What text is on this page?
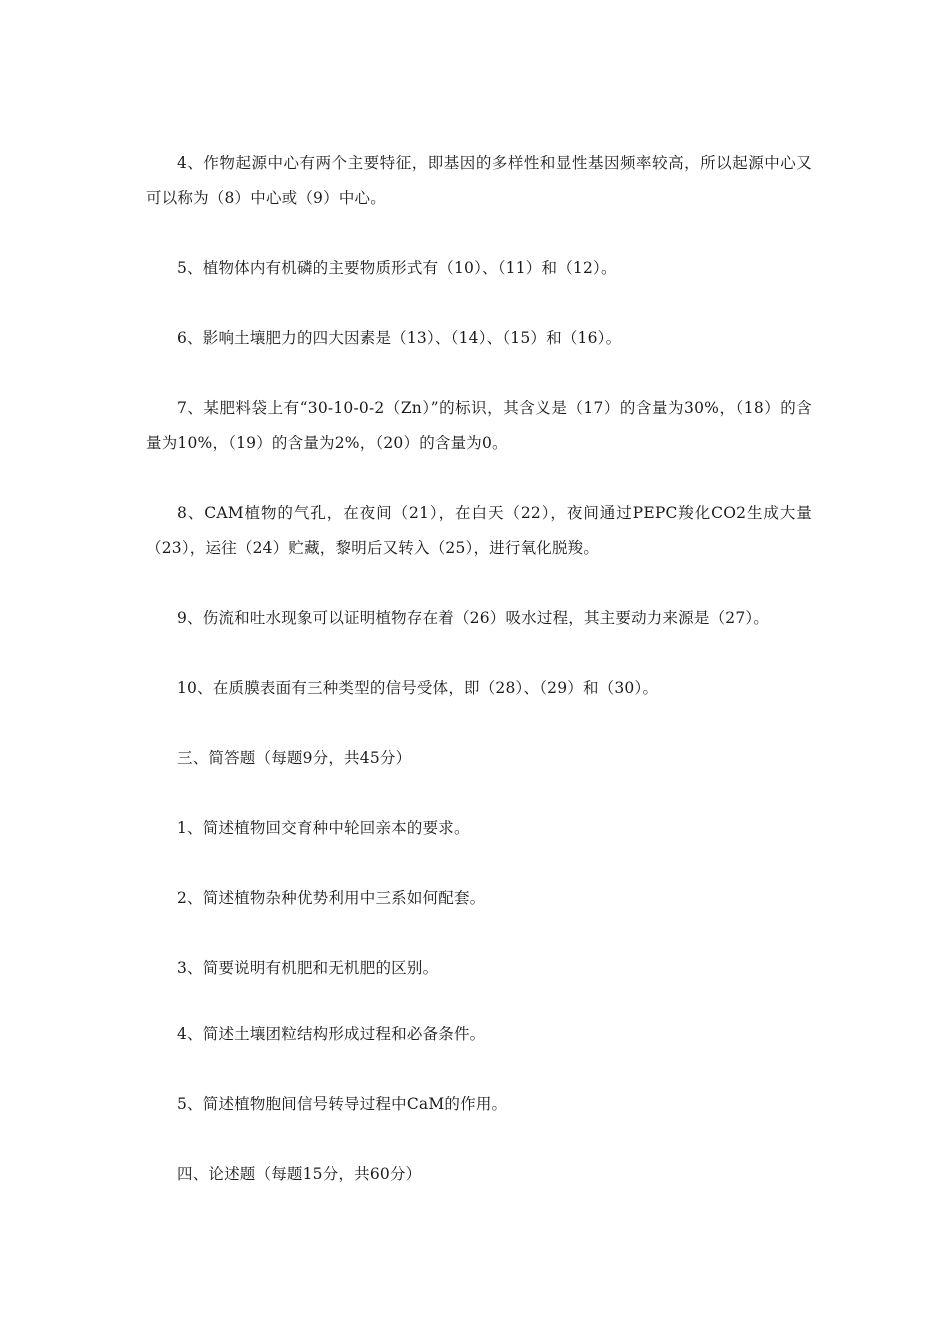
4、作物起源中心有两个主要特征，即基因的多样性和显性基因频率较高，所以起源中心又可以称为（8）中心或（9）中心。

5、植物体内有机磷的主要物质形式有（10）、（11）和（12）。

6、影响土壤肥力的四大因素是（13）、（14）、（15）和（16）。

7、某肥料袋上有“30-10-0-2（Zn）”的标识，其含义是（17）的含量为30%，（18）的含量为10%，（19）的含量为2%，（20）的含量为0。

8、CAM植物的气孔，在夜间（21），在白天（22），夜间通过PEPC羧化CO2生成大量（23），运往（24）贮藏，黎明后又转入（25），进行氧化脱羧。

9、伤流和吐水现象可以证明植物存在着（26）吸水过程，其主要动力来源是（27）。

10、在质膜表面有三种类型的信号受体，即（28）、（29）和（30）。

三、简答题（每题9分，共45分）

1、简述植物回交育种中轮回亲本的要求。

2、简述植物杂种优势利用中三系如何配套。

3、简要说明有机肥和无机肥的区别。

4、简述土壤团粒结构形成过程和必备条件。

5、简述植物胞间信号转导过程中CaM的作用。

四、论述题（每题15分，共60分）
